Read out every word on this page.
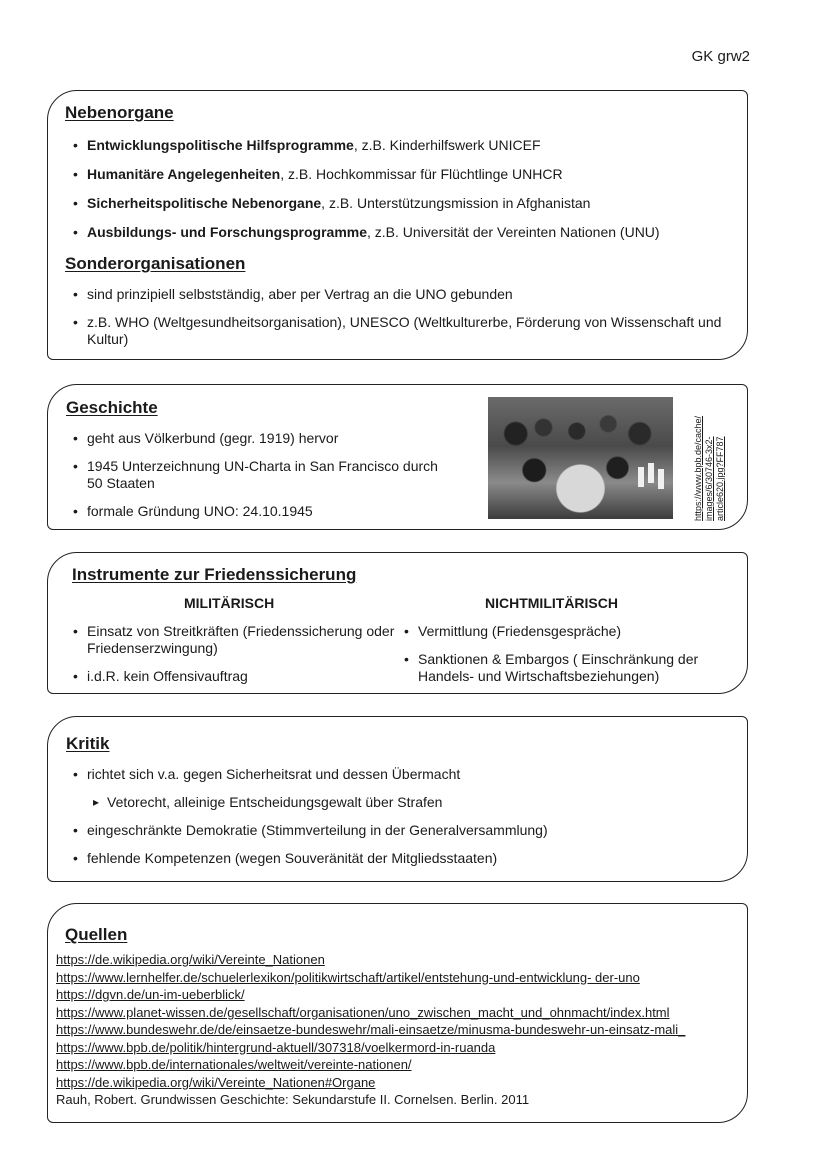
GK grw2
Nebenorgane
• Entwicklungspolitische Hilfsprogramme, z.B. Kinderhilfswerk UNICEF
• Humanitäre Angelegenheiten, z.B. Hochkommissar für Flüchtlinge UNHCR
• Sicherheitspolitische Nebenorgane, z.B. Unterstützungsmission in Afghanistan
• Ausbildungs- und Forschungsprogramme, z.B. Universität der Vereinten Nationen (UNU)
Sonderorganisationen
• sind prinzipiell selbstständig, aber per Vertrag an die UNO gebunden
• z.B. WHO (Weltgesundheitsorganisation), UNESCO (Weltkulturerbe, Förderung von Wissenschaft und Kultur)
Geschichte
• geht aus Völkerbund (gegr. 1919) hervor
• 1945 Unterzeichnung UN-Charta in San Francisco durch 50 Staaten
• formale Gründung UNO: 24.10.1945	https://www.bpb.de/cache/ images/6/30746-3x2- article620.jpg?FF787
Instrumente zur Friedenssicherung
MILITÄRISCH	NICHTMILITÄRISCH
• Einsatz von Streitkräften (Friedenssicherung oder Friedenserzwingung)
• i.d.R. kein Offensivauftrag
• Vermittlung (Friedensgespräche)
• Sanktionen & Embargos ( Einschränkung der Handels- und Wirtschaftsbeziehungen)
Kritik
• richtet sich v.a. gegen Sicherheitsrat und dessen Übermacht
▸ Vetorecht, alleinige Entscheidungsgewalt über Strafen
• eingeschränkte Demokratie (Stimmverteilung in der Generalversammlung)
• fehlende Kompetenzen (wegen Souveränität der Mitgliedsstaaten)
Quellen
https://de.wikipedia.org/wiki/Vereinte_Nationen
https://www.lernhelfer.de/schuelerlexikon/politikwirtschaft/artikel/entstehung-und-entwicklung- der-uno
https://dgvn.de/un-im-ueberblick/
https://www.planet-wissen.de/gesellschaft/organisationen/uno_zwischen_macht_und_ohnmacht/index.html
https://www.bundeswehr.de/de/einsaetze-bundeswehr/mali-einsaetze/minusma-bundeswehr-un-einsatz-mali_
https://www.bpb.de/politik/hintergrund-aktuell/307318/voelkermord-in-ruanda
https://www.bpb.de/internationales/weltweit/vereinte-nationen/
https://de.wikipedia.org/wiki/Vereinte_Nationen#Organe
Rauh, Robert. Grundwissen Geschichte: Sekundarstufe II. Cornelsen. Berlin. 2011
